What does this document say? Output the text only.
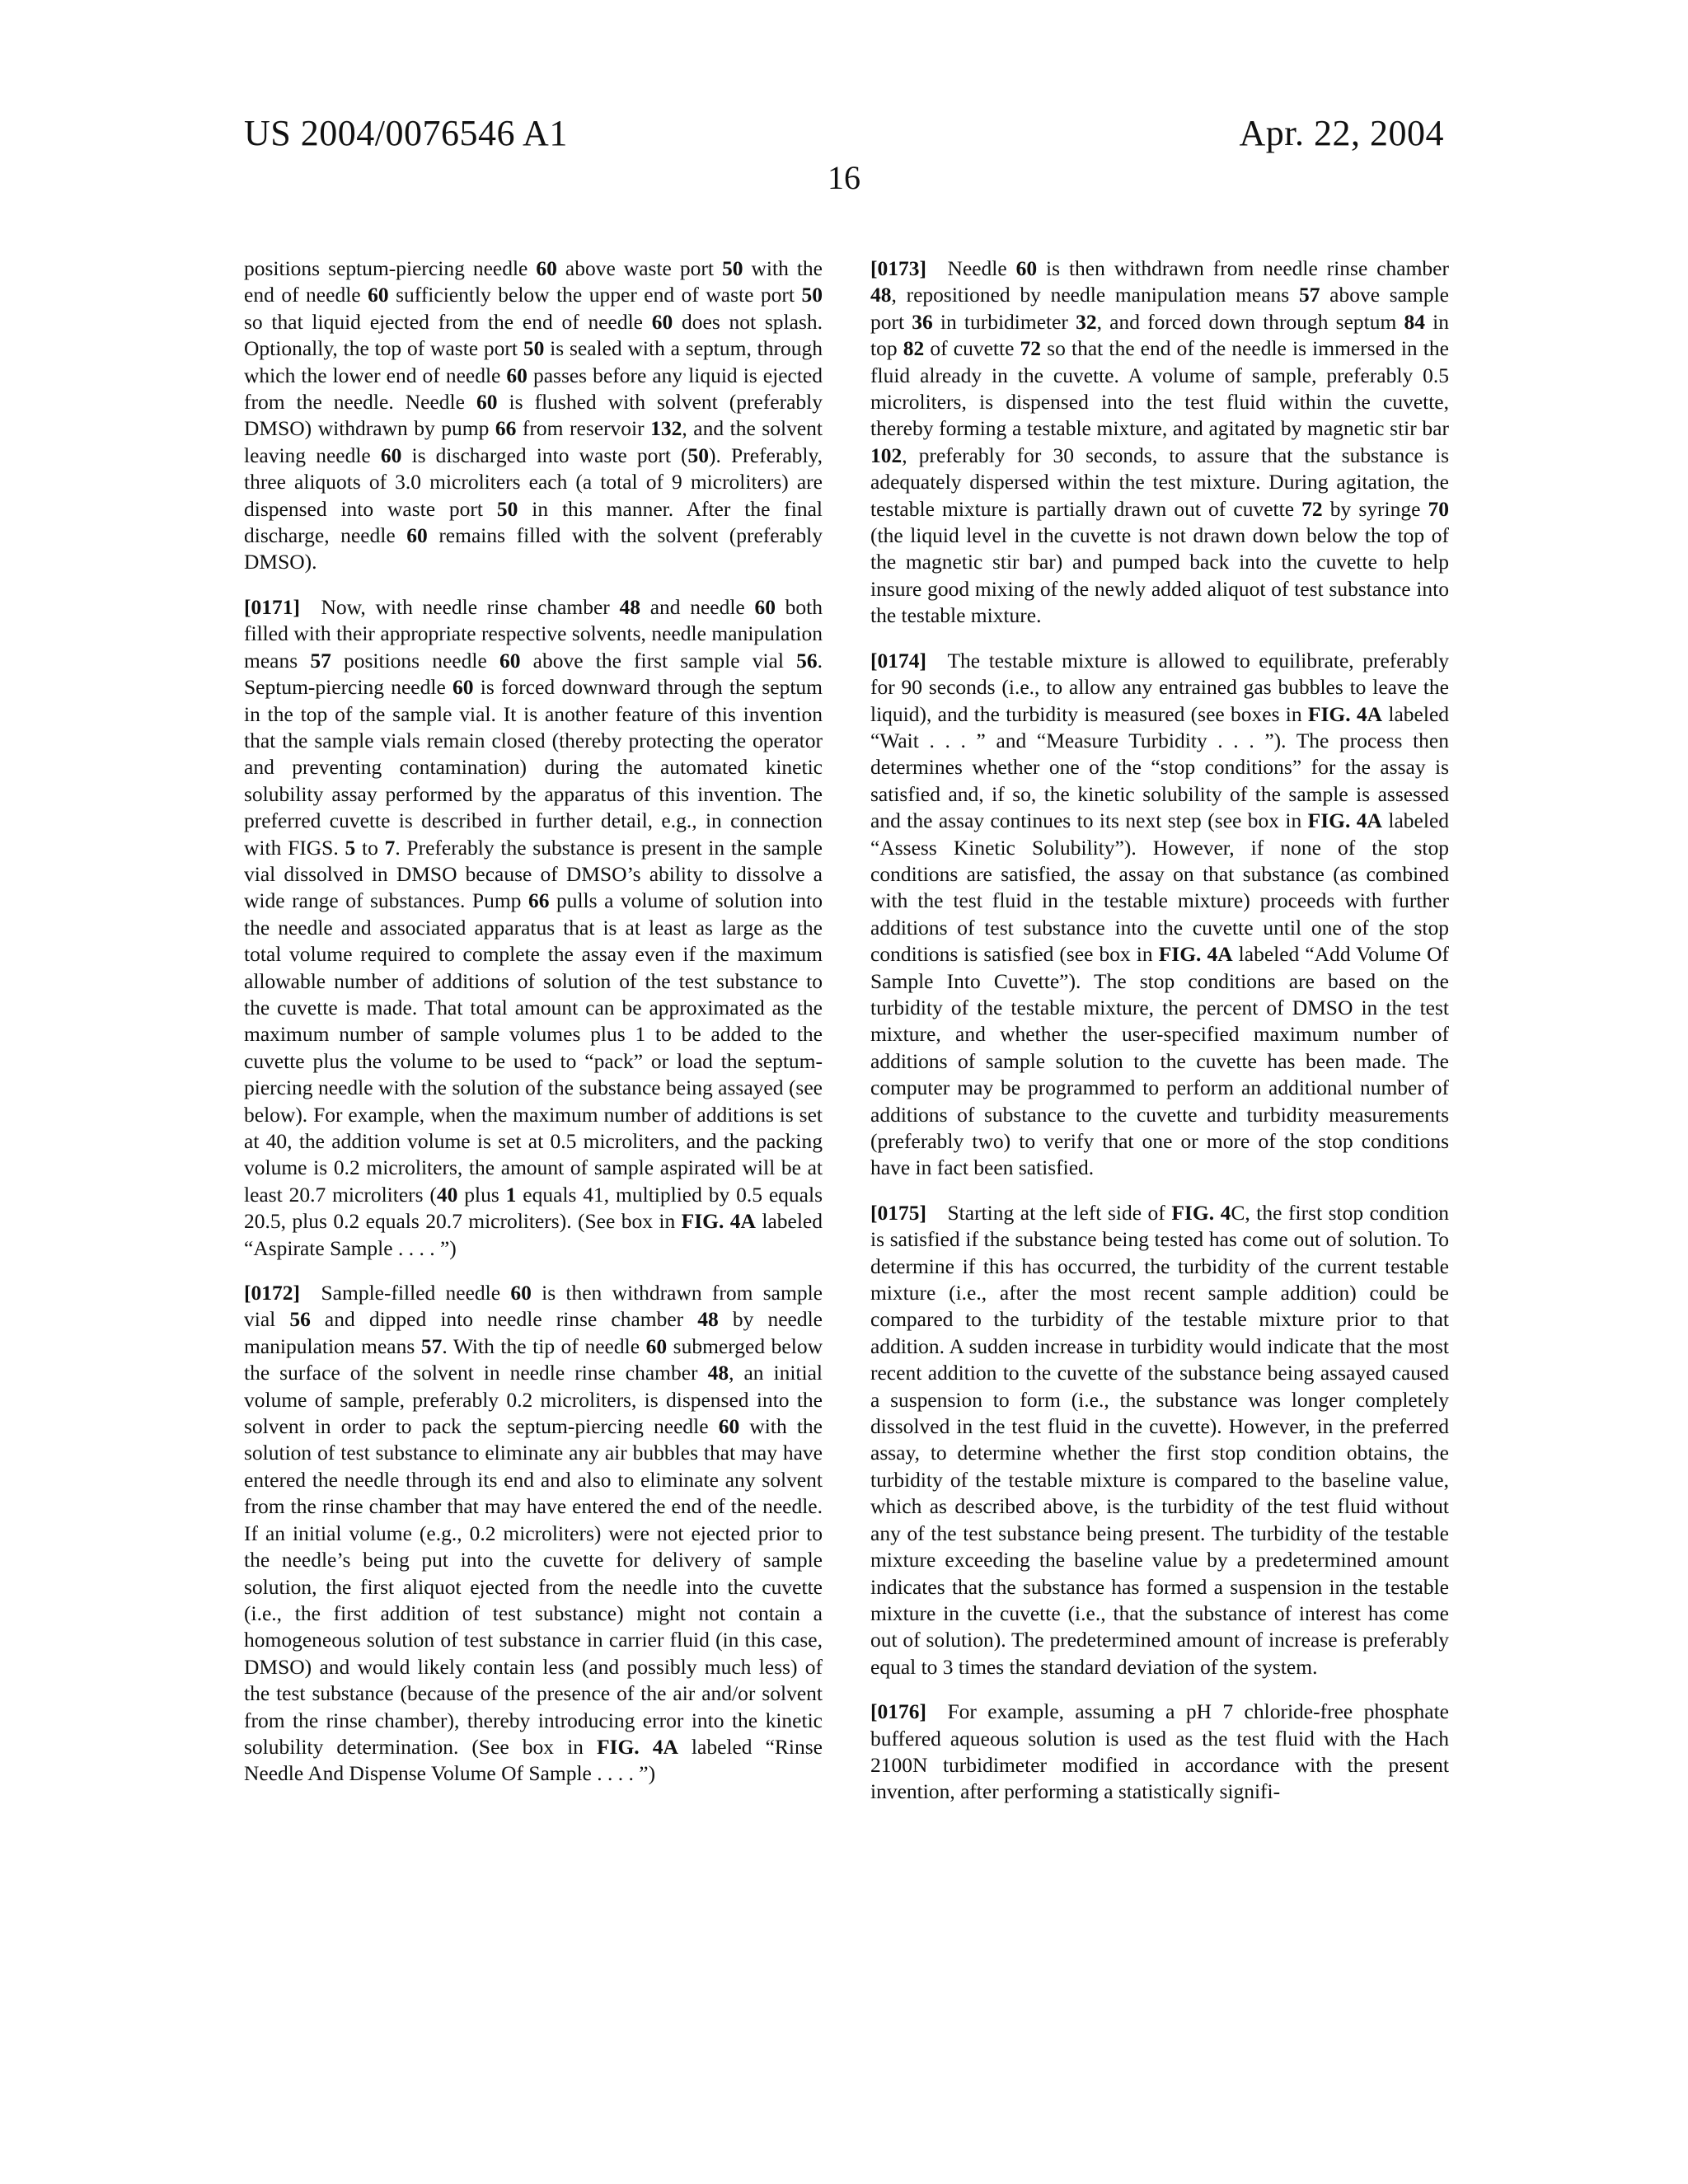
US 2004/0076546 A1	Apr. 22, 2004
16

positions septum-piercing needle 60 above waste port 50 with the end of needle 60 sufficiently below the upper end of waste port 50 so that liquid ejected from the end of needle 60 does not splash. Optionally, the top of waste port 50 is sealed with a septum, through which the lower end of needle 60 passes before any liquid is ejected from the needle. Needle 60 is flushed with solvent (preferably DMSO) withdrawn by pump 66 from reservoir 132, and the solvent leaving needle 60 is discharged into waste port (50). Preferably, three aliquots of 3.0 microliters each (a total of 9 microliters) are dispensed into waste port 50 in this manner. After the final discharge, needle 60 remains filled with the solvent (preferably DMSO).

[0171]  Now, with needle rinse chamber 48 and needle 60 both filled with their appropriate respective solvents, needle manipulation means 57 positions needle 60 above the first sample vial 56. Septum-piercing needle 60 is forced downward through the septum in the top of the sample vial. It is another feature of this invention that the sample vials remain closed (thereby protecting the operator and preventing contamination) during the automated kinetic solubility assay performed by the apparatus of this invention. The preferred cuvette is described in further detail, e.g., in connection with FIGS. 5 to 7. Preferably the substance is present in the sample vial dissolved in DMSO because of DMSO’s ability to dissolve a wide range of substances. Pump 66 pulls a volume of solution into the needle and associated apparatus that is at least as large as the total volume required to complete the assay even if the maximum allowable number of additions of solution of the test substance to the cuvette is made. That total amount can be approximated as the maximum number of sample volumes plus 1 to be added to the cuvette plus the volume to be used to “pack” or load the septum-piercing needle with the solution of the substance being assayed (see below). For example, when the maximum number of additions is set at 40, the addition volume is set at 0.5 microliters, and the packing volume is 0.2 microliters, the amount of sample aspirated will be at least 20.7 microliters (40 plus 1 equals 41, multiplied by 0.5 equals 20.5, plus 0.2 equals 20.7 microliters). (See box in FIG. 4A labeled “Aspirate Sample . . . . ”)

[0172]  Sample-filled needle 60 is then withdrawn from sample vial 56 and dipped into needle rinse chamber 48 by needle manipulation means 57. With the tip of needle 60 submerged below the surface of the solvent in needle rinse chamber 48, an initial volume of sample, preferably 0.2 microliters, is dispensed into the solvent in order to pack the septum-piercing needle 60 with the solution of test substance to eliminate any air bubbles that may have entered the needle through its end and also to eliminate any solvent from the rinse chamber that may have entered the end of the needle. If an initial volume (e.g., 0.2 microliters) were not ejected prior to the needle’s being put into the cuvette for delivery of sample solution, the first aliquot ejected from the needle into the cuvette (i.e., the first addition of test substance) might not contain a homogeneous solution of test substance in carrier fluid (in this case, DMSO) and would likely contain less (and possibly much less) of the test substance (because of the presence of the air and/or solvent from the rinse chamber), thereby introducing error into the kinetic solubility determination. (See box in FIG. 4A labeled “Rinse Needle And Dispense Volume Of Sample . . . . ”)

[0173]  Needle 60 is then withdrawn from needle rinse chamber 48, repositioned by needle manipulation means 57 above sample port 36 in turbidimeter 32, and forced down through septum 84 in top 82 of cuvette 72 so that the end of the needle is immersed in the fluid already in the cuvette. A volume of sample, preferably 0.5 microliters, is dispensed into the test fluid within the cuvette, thereby forming a testable mixture, and agitated by magnetic stir bar 102, preferably for 30 seconds, to assure that the substance is adequately dispersed within the test mixture. During agitation, the testable mixture is partially drawn out of cuvette 72 by syringe 70 (the liquid level in the cuvette is not drawn down below the top of the magnetic stir bar) and pumped back into the cuvette to help insure good mixing of the newly added aliquot of test substance into the testable mixture.

[0174]  The testable mixture is allowed to equilibrate, preferably for 90 seconds (i.e., to allow any entrained gas bubbles to leave the liquid), and the turbidity is measured (see boxes in FIG. 4A labeled “Wait . . . ” and “Measure Turbidity . . . ”). The process then determines whether one of the “stop conditions” for the assay is satisfied and, if so, the kinetic solubility of the sample is assessed and the assay continues to its next step (see box in FIG. 4A labeled “Assess Kinetic Solubility”). However, if none of the stop conditions are satisfied, the assay on that substance (as combined with the test fluid in the testable mixture) proceeds with further additions of test substance into the cuvette until one of the stop conditions is satisfied (see box in FIG. 4A labeled “Add Volume Of Sample Into Cuvette”). The stop conditions are based on the turbidity of the testable mixture, the percent of DMSO in the test mixture, and whether the user-specified maximum number of additions of sample solution to the cuvette has been made. The computer may be programmed to perform an additional number of additions of substance to the cuvette and turbidity measurements (preferably two) to verify that one or more of the stop conditions have in fact been satisfied.

[0175]  Starting at the left side of FIG. 4C, the first stop condition is satisfied if the substance being tested has come out of solution. To determine if this has occurred, the turbidity of the current testable mixture (i.e., after the most recent sample addition) could be compared to the turbidity of the testable mixture prior to that addition. A sudden increase in turbidity would indicate that the most recent addition to the cuvette of the substance being assayed caused a suspension to form (i.e., the substance was longer completely dissolved in the test fluid in the cuvette). However, in the preferred assay, to determine whether the first stop condition obtains, the turbidity of the testable mixture is compared to the baseline value, which as described above, is the turbidity of the test fluid without any of the test substance being present. The turbidity of the testable mixture exceeding the baseline value by a predetermined amount indicates that the substance has formed a suspension in the testable mixture in the cuvette (i.e., that the substance of interest has come out of solution). The predetermined amount of increase is preferably equal to 3 times the standard deviation of the system.

[0176]  For example, assuming a pH 7 chloride-free phosphate buffered aqueous solution is used as the test fluid with the Hach 2100N turbidimeter modified in accordance with the present invention, after performing a statistically signifi-
